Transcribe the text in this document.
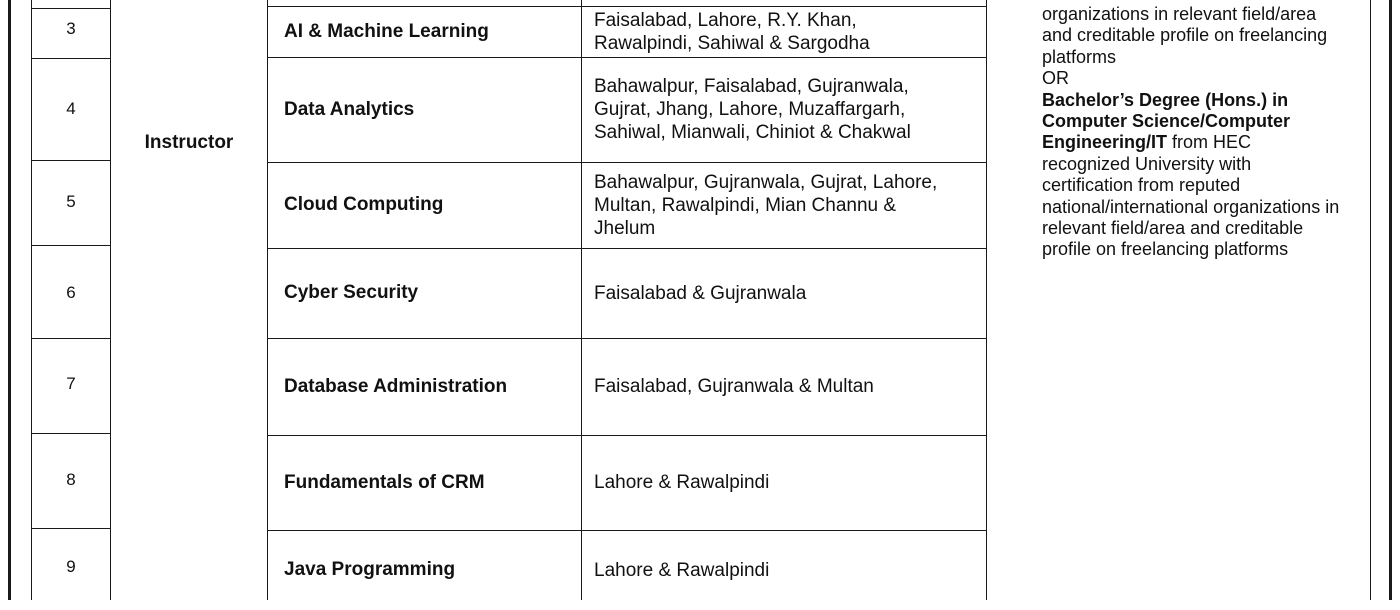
3
4
5
6
7
8
9
Instructor
AI & Machine Learning
Data Analytics
Cloud Computing
Cyber Security
Database Administration
Fundamentals of CRM
Java Programming
Faisalabad, Lahore, R.Y. Khan, Rawalpindi, Sahiwal & Sargodha
Bahawalpur, Faisalabad, Gujranwala, Gujrat, Jhang, Lahore, Muzaffargarh, Sahiwal, Mianwali, Chiniot & Chakwal
Bahawalpur, Gujranwala, Gujrat, Lahore, Multan, Rawalpindi, Mian Channu & Jhelum
Faisalabad & Gujranwala
Faisalabad, Gujranwala & Multan
Lahore & Rawalpindi
Lahore & Rawalpindi
organizations in relevant field/area and creditable profile on freelancing platforms
OR
Bachelor’s Degree (Hons.) in Computer Science/Computer Engineering/IT from HEC recognized University with certification from reputed national/international organizations in relevant field/area and creditable profile on freelancing platforms
